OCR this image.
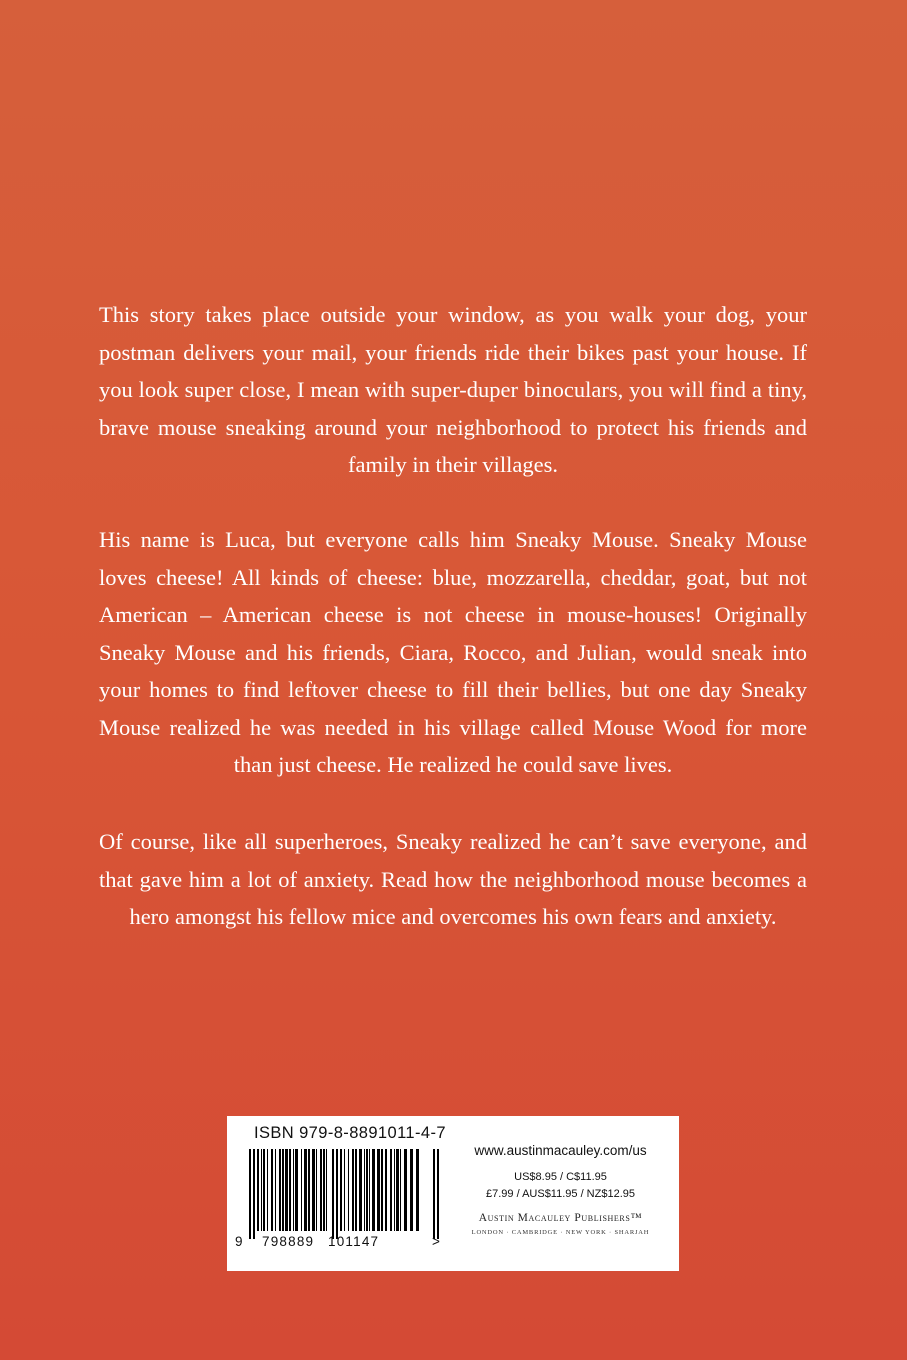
This story takes place outside your window, as you walk your dog, your postman delivers your mail, your friends ride their bikes past your house. If you look super close, I mean with super-duper binoculars, you will find a tiny, brave mouse sneaking around your neighborhood to protect his friends and family in their villages.

His name is Luca, but everyone calls him Sneaky Mouse. Sneaky Mouse loves cheese! All kinds of cheese: blue, mozzarella, cheddar, goat, but not American – American cheese is not cheese in mouse-houses! Originally Sneaky Mouse and his friends, Ciara, Rocco, and Julian, would sneak into your homes to find leftover cheese to fill their bellies, but one day Sneaky Mouse realized he was needed in his village called Mouse Wood for more than just cheese. He realized he could save lives.

Of course, like all superheroes, Sneaky realized he can’t save everyone, and that gave him a lot of anxiety. Read how the neighborhood mouse becomes a hero amongst his fellow mice and overcomes his own fears and anxiety.

ISBN 979-8-8891011-4-7
9 798889 101147	>
www.austinmacauley.com/us
US$8.95 / C$11.95
£7.99 / AUS$11.95 / NZ$12.95
Austin Macauley Publishers™
LONDON · CAMBRIDGE · NEW YORK · SHARJAH
